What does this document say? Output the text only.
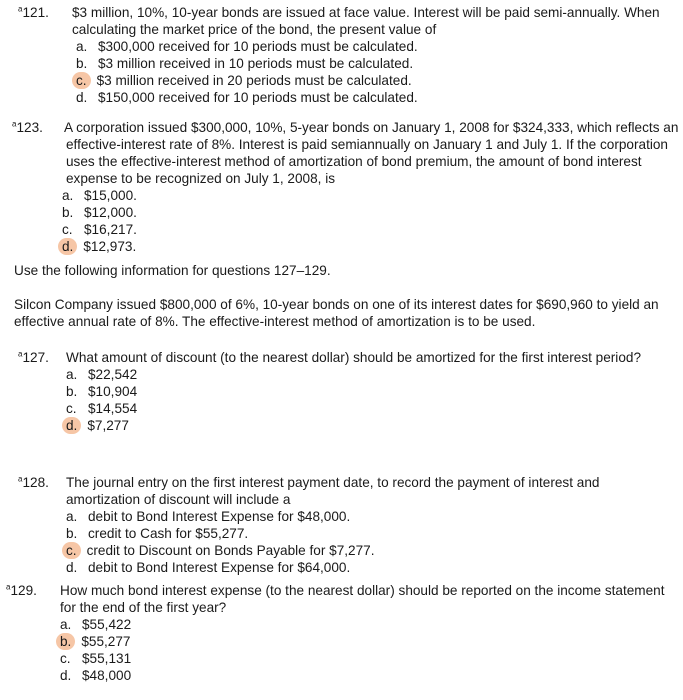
$^a$121.	$3 million, 10%, 10-year bonds are issued at face value. Interest will be paid semi-annually. When calculating the market price of the bond, the present value of
a. $300,000 received for 10 periods must be calculated.
b. $3 million received in 10 periods must be calculated.
c. $3 million received in 20 periods must be calculated.
d. $150,000 received for 10 periods must be calculated.
$^a$123.	A corporation issued $300,000, 10%, 5-year bonds on January 1, 2008 for $324,333, which reflects an effective-interest rate of 8%. Interest is paid semiannually on January 1 and July 1. If the corporation uses the effective-interest method of amortization of bond premium, the amount of bond interest expense to be recognized on July 1, 2008, is
a. $15,000.
b. $12,000.
c. $16,217.
d. $12,973.
Use the following information for questions 127–129.
Silcon Company issued $800,000 of 6%, 10-year bonds on one of its interest dates for $690,960 to yield an effective annual rate of 8%. The effective-interest method of amortization is to be used.
$^a$127.	What amount of discount (to the nearest dollar) should be amortized for the first interest period?
a. $22,542
b. $10,904
c. $14,554
d. $7,277
$^a$128.	The journal entry on the first interest payment date, to record the payment of interest and amortization of discount will include a
a. debit to Bond Interest Expense for $48,000.
b. credit to Cash for $55,277.
c. credit to Discount on Bonds Payable for $7,277.
d. debit to Bond Interest Expense for $64,000.
$^a$129.	How much bond interest expense (to the nearest dollar) should be reported on the income statement for the end of the first year?
a. $55,422
b. $55,277
c. $55,131
d. $48,000
